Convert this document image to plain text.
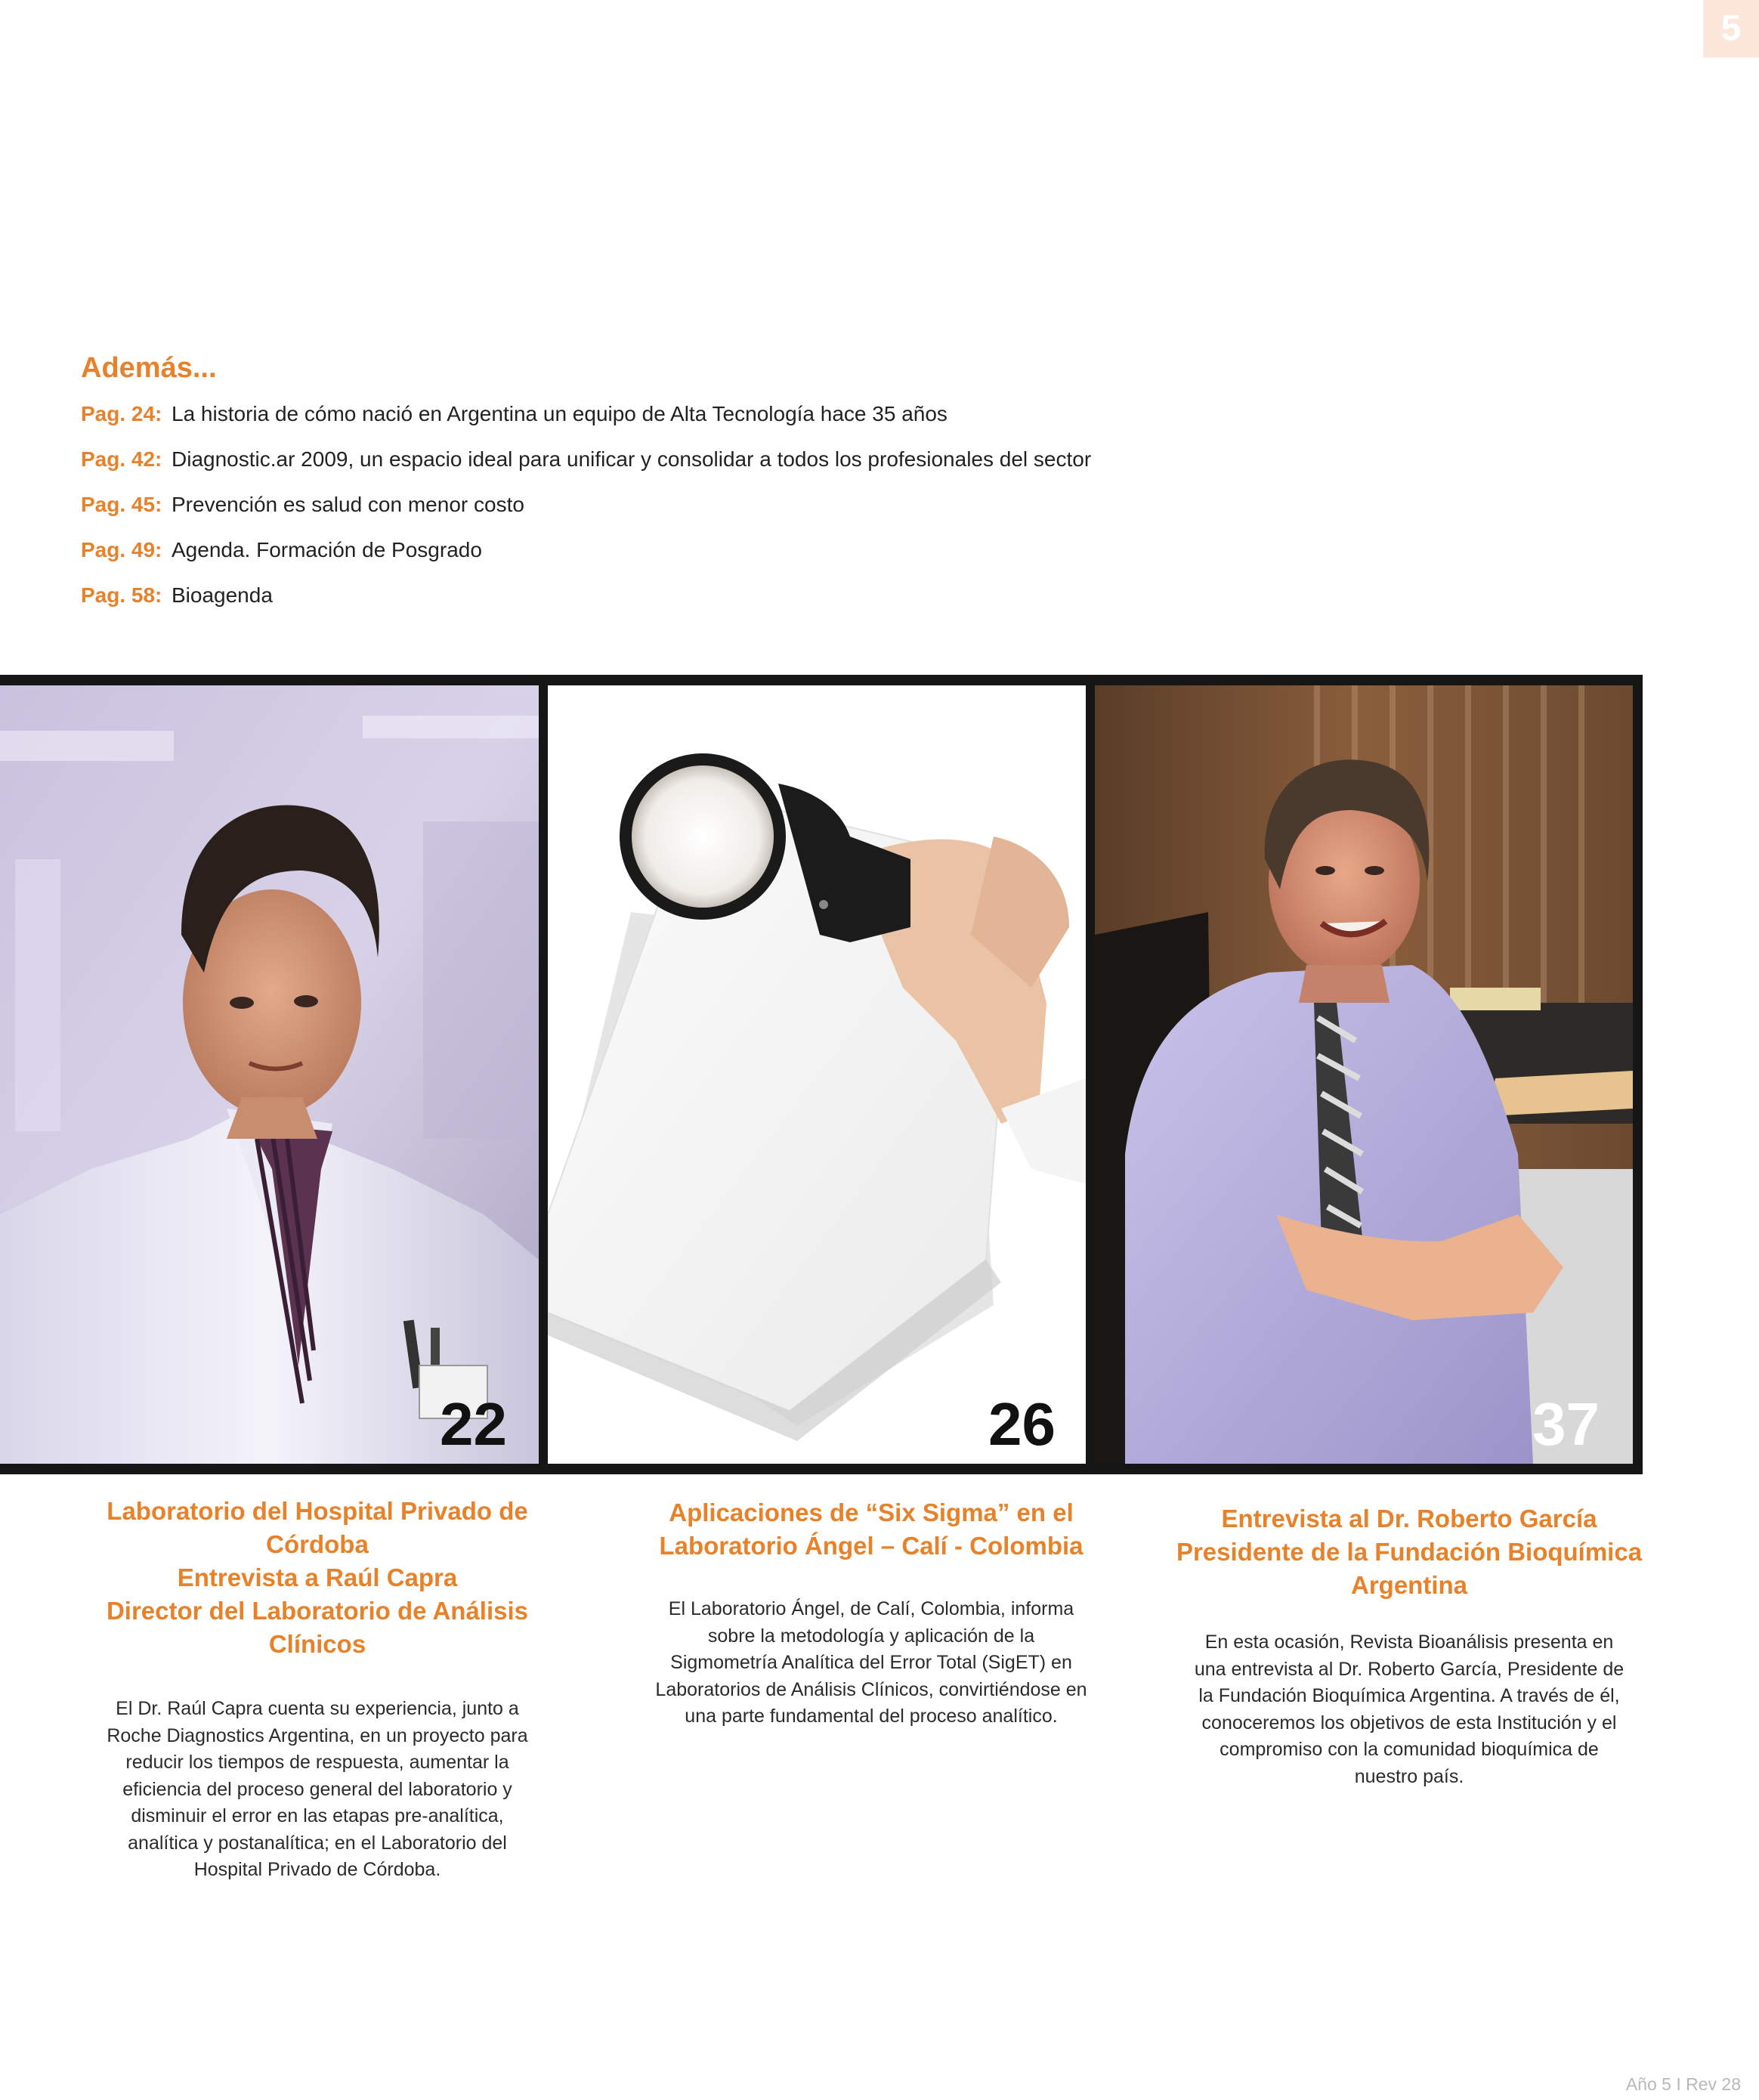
5
Además...
Pag. 24: La historia de cómo nació en Argentina un equipo de Alta Tecnología hace 35 años
Pag. 42: Diagnostic.ar 2009, un espacio ideal para unificar y consolidar a todos los profesionales del sector
Pag. 45: Prevención es salud con menor costo
Pag. 49: Agenda. Formación de Posgrado
Pag. 58: Bioagenda
22	26	37
Laboratorio del Hospital Privado de
Córdoba
Entrevista a Raúl Capra
Director del Laboratorio de Análisis
Clínicos

El Dr. Raúl Capra cuenta su experiencia, junto a
Roche Diagnostics Argentina, en un proyecto para
reducir los tiempos de respuesta, aumentar la
eficiencia del proceso general del laboratorio y
disminuir el error en las etapas pre-analítica,
analítica y postanalítica; en el Laboratorio del
Hospital Privado de Córdoba.

Aplicaciones de “Six Sigma” en el
Laboratorio Ángel – Calí - Colombia

El Laboratorio Ángel, de Calí, Colombia, informa
sobre la metodología y aplicación de la
Sigmometría Analítica del Error Total (SigET) en
Laboratorios de Análisis Clínicos, convirtiéndose en
una parte fundamental del proceso analítico.

Entrevista al Dr. Roberto García
Presidente de la Fundación Bioquímica
Argentina

En esta ocasión, Revista Bioanálisis presenta en
una entrevista al Dr. Roberto García, Presidente de
la Fundación Bioquímica Argentina. A través de él,
conoceremos los objetivos de esta Institución y el
compromiso con la comunidad bioquímica de
nuestro país.

Año 5 I Rev 28
